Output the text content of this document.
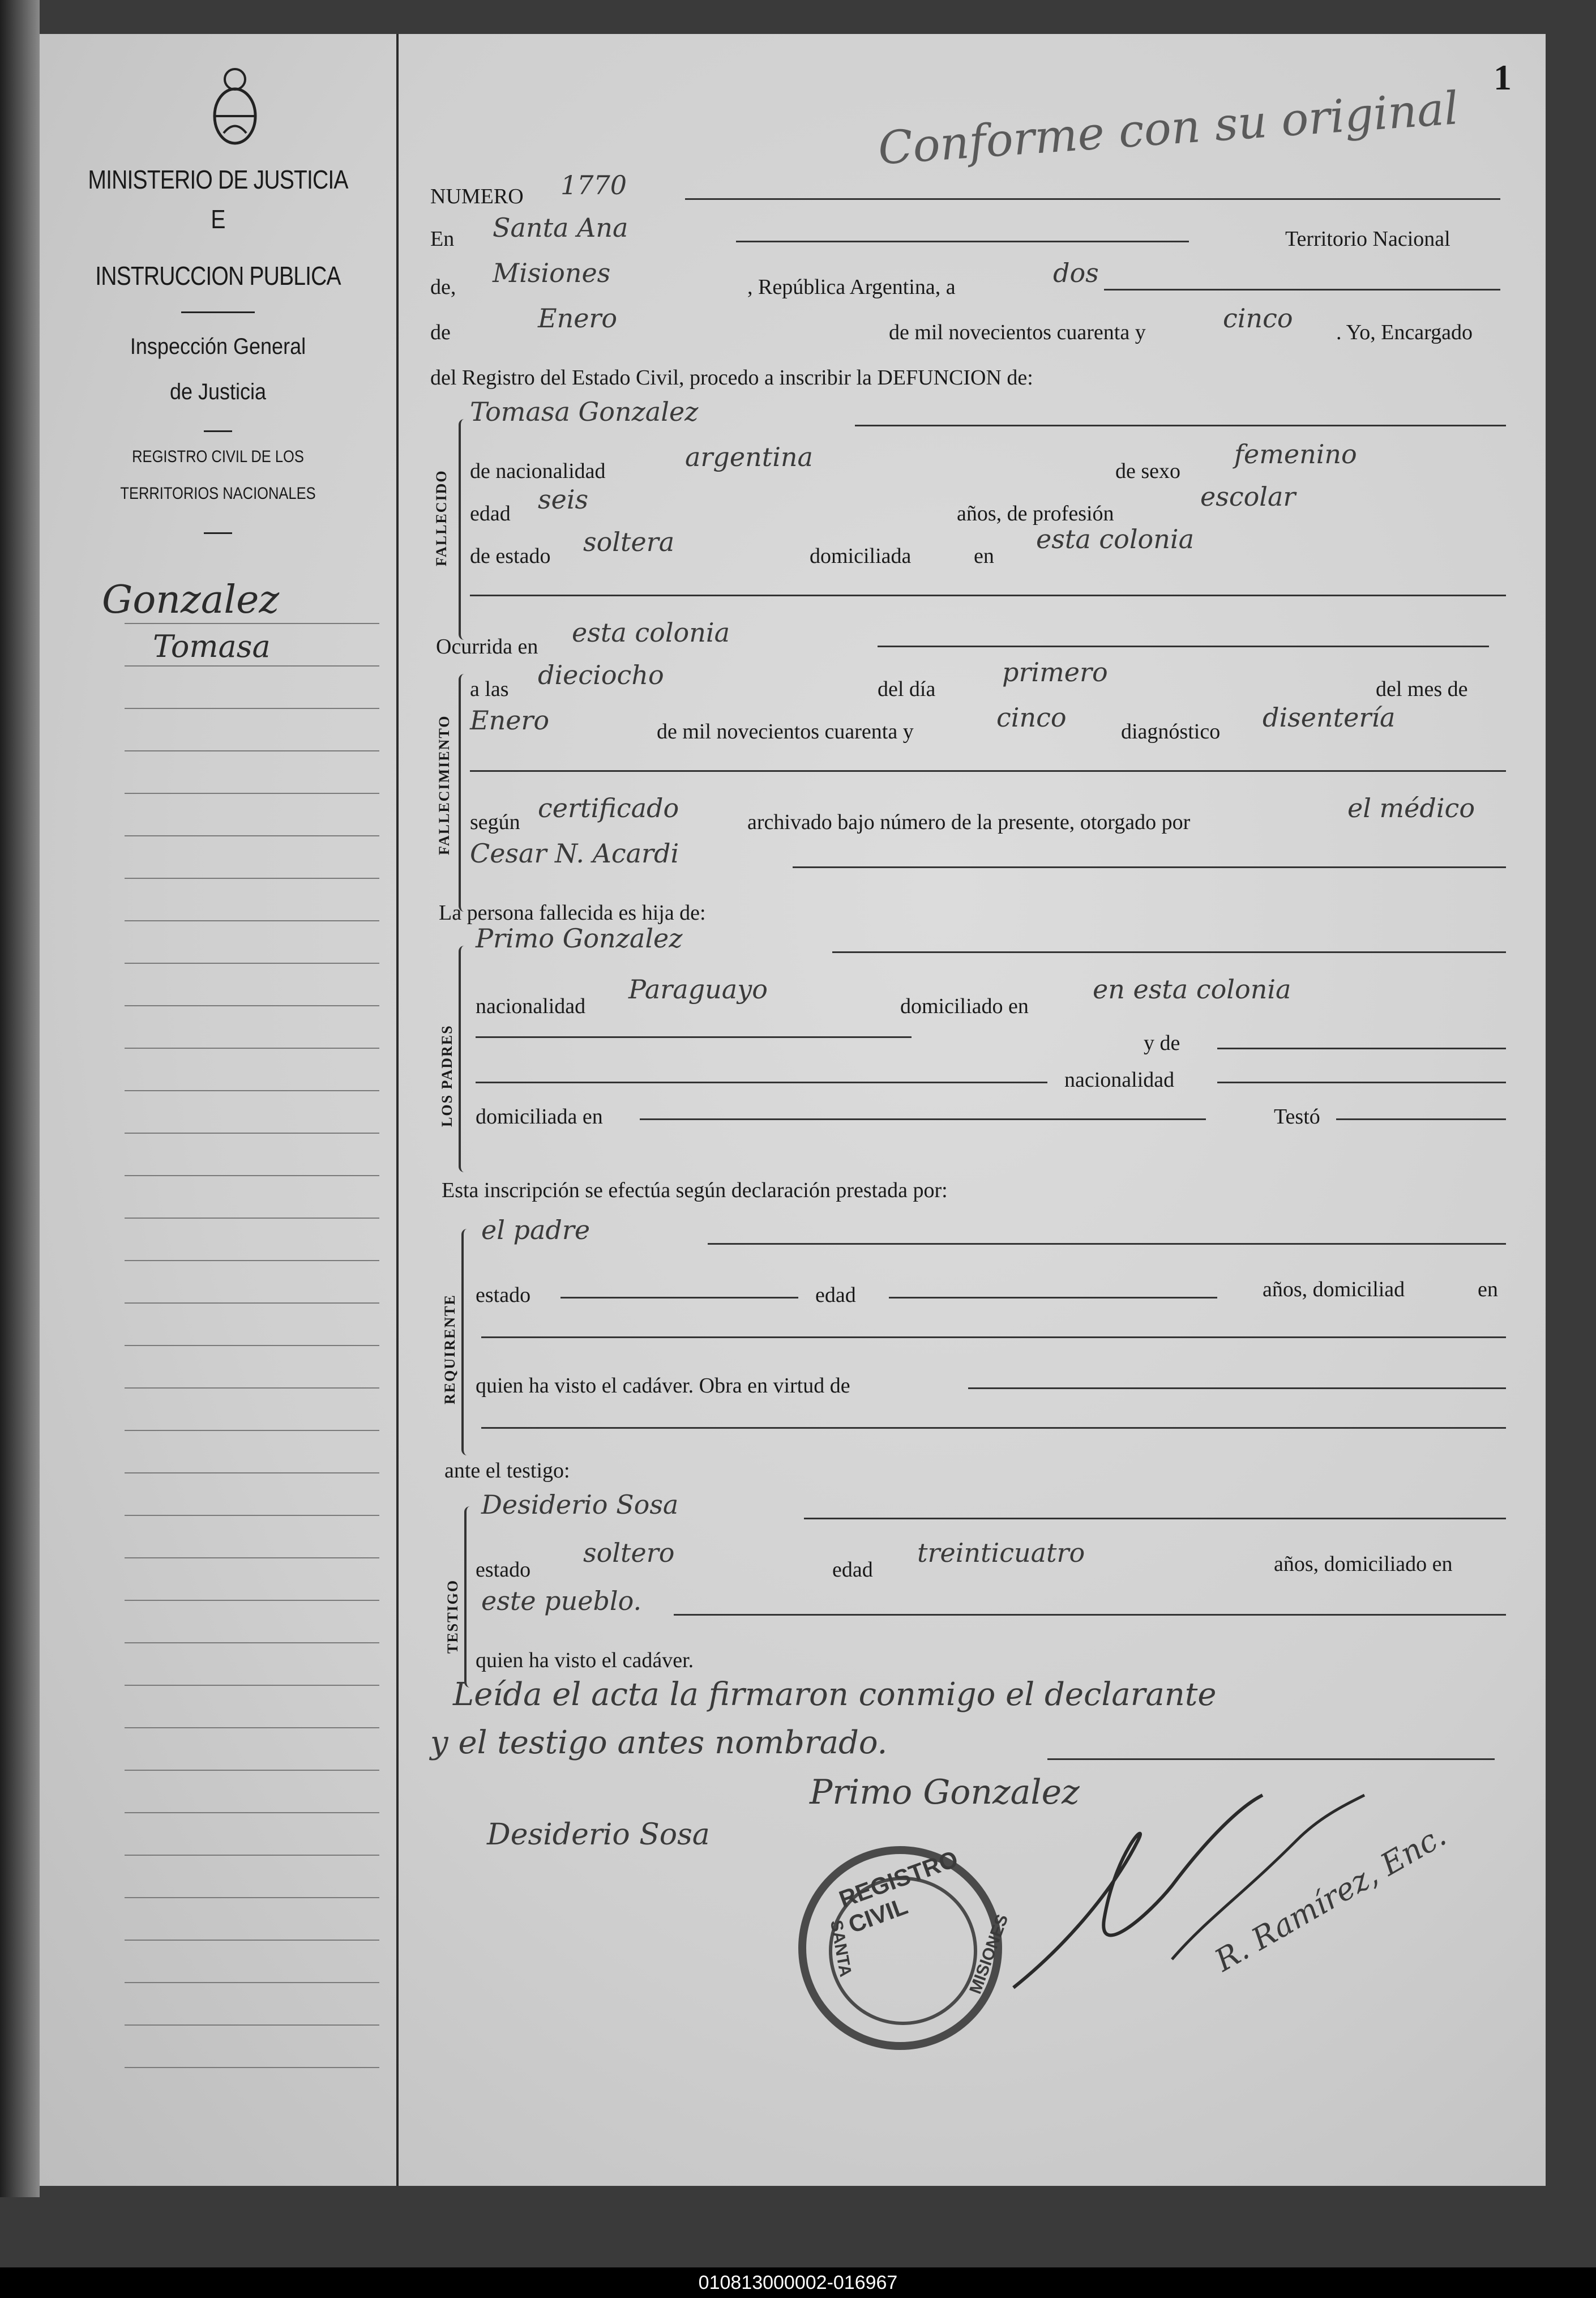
1
Conforme con su original
MINISTERIO DE JUSTICIA
E
INSTRUCCION PUBLICA
Inspección General
de Justicia
REGISTRO CIVIL DE LOS
TERRITORIOS NACIONALES
Gonzalez
Tomasa
NUMERO 1770
En Santa Ana	Territorio Nacional
de, Misiones	, República Argentina, a	dos
de	Enero	de mil novecientos cuarenta y	cinco . Yo, Encargado
del Registro del Estado Civil, procedo a inscribir la DEFUNCION de:
FALLECIDO
Tomasa Gonzalez
de nacionalidad	argentina	de sexo
femenino
edad seis	años, de profesión
escolar
de estado soltera	domiciliada	en
esta colonia
Ocurrida en esta colonia
FALLECIMIENTO
a las dieciocho	del día
primero
del mes de
Enero	de mil novecientos cuarenta y	cinco	diagnóstico disentería
según certificado	archivado bajo número de la presente, otorgado por	el médico
Cesar N. Acardi
La persona fallecida es hija de:
LOS PADRES
Primo Gonzalez
nacionalidad
Paraguayo
domiciliado en
en esta colonia
y de
nacionalidad
domiciliada en	Testó
Esta inscripción se efectúa según declaración prestada por:
REQUIRENTE
el padre
estado	edad	años, domiciliad	en
quien ha visto el cadáver. Obra en virtud de
ante el testigo:
TESTIGO
Desiderio Sosa
estado
soltero
edad
treinticuatro	años, domiciliado en
este pueblo.
quien ha visto el cadáver.
Leída el acta la firmaron conmigo el declarante
y el testigo antes nombrado.
Primo Gonzalez
Desiderio Sosa	R. Ramírez, Enc.
REGISTRO CIVIL
SANTA	MISIONES
010813000002-016967
